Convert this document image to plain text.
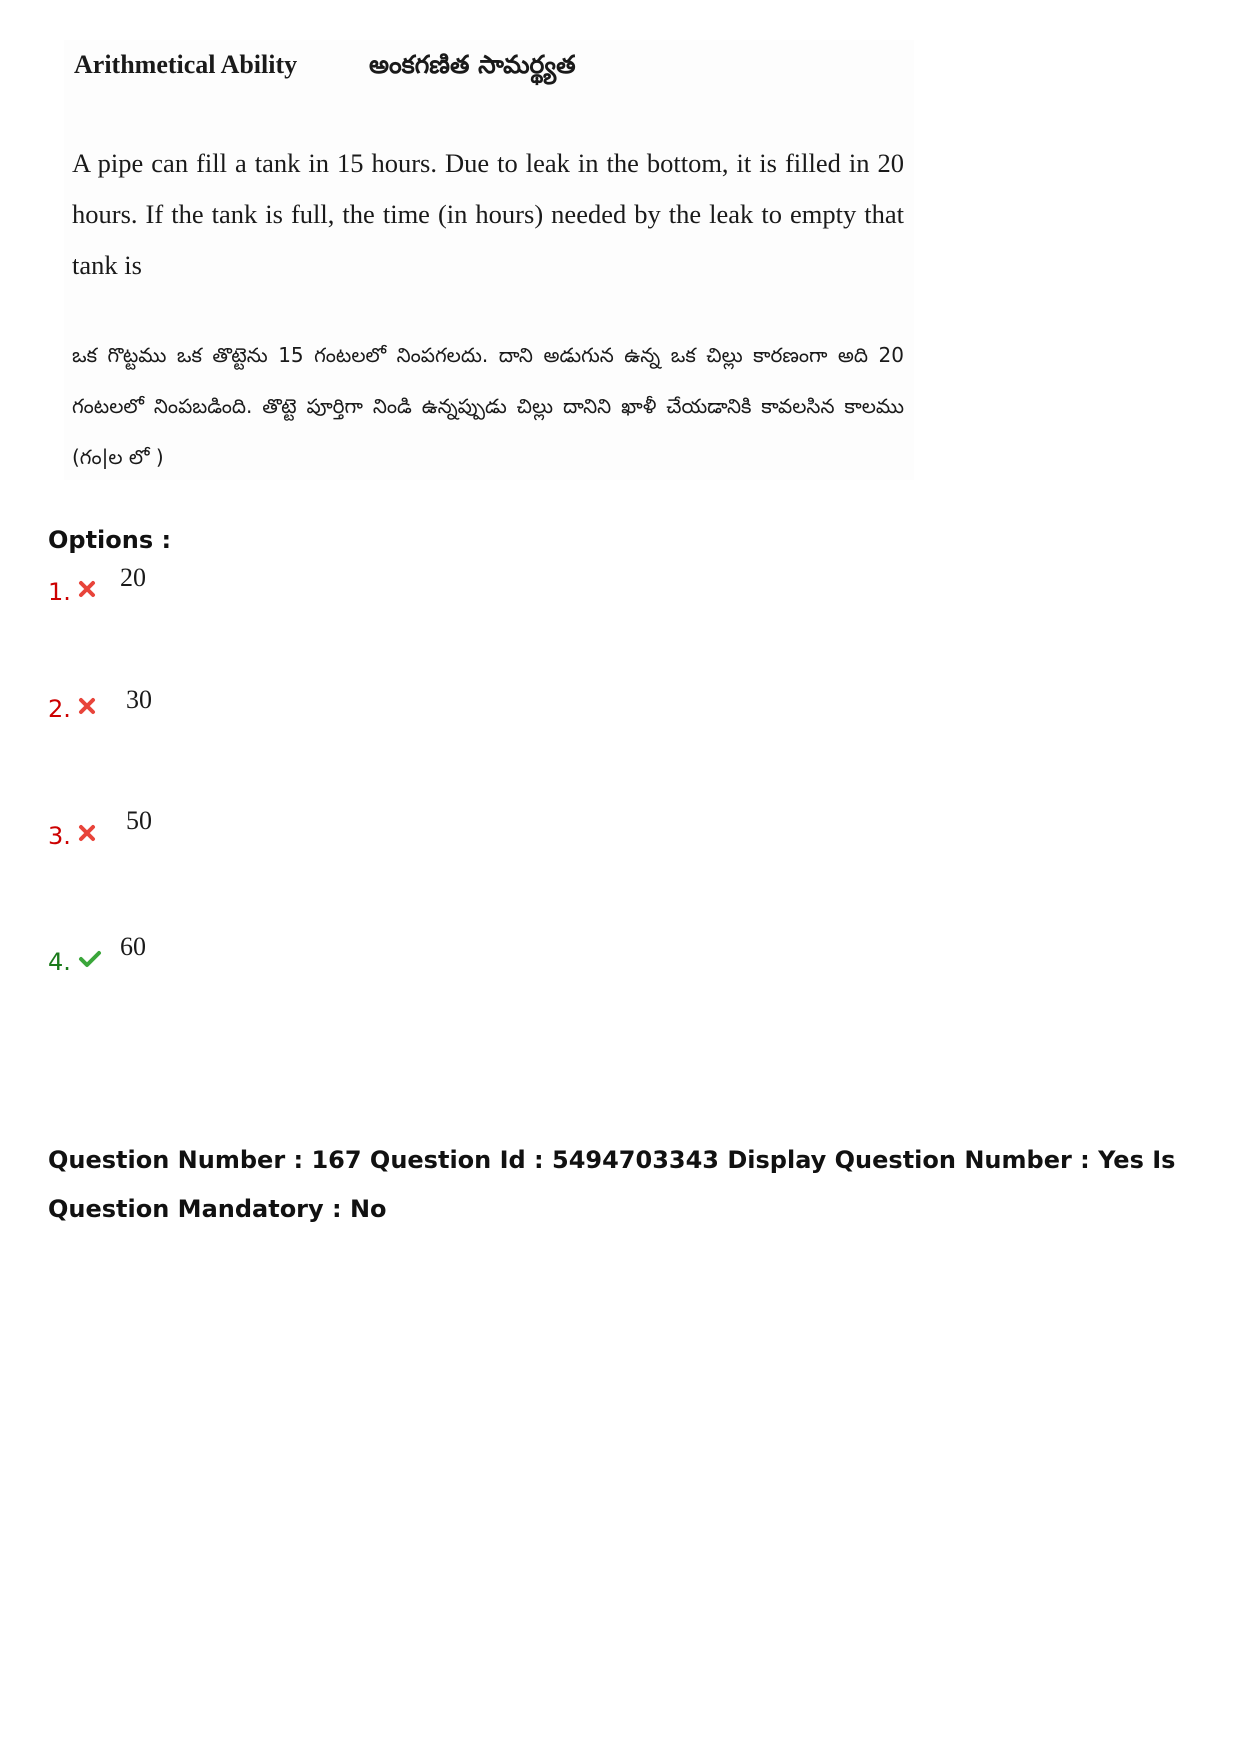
Arithmetical Ability	అంకగణిత సామర్థ్యత
A pipe can fill a tank in 15 hours. Due to leak in the bottom, it is filled in 20 hours. If the tank is full, the time (in hours) needed by the leak to empty that tank is
ఒక గొట్టము ఒక తొట్టెను 15 గంటలలో నింపగలదు. దాని అడుగున ఉన్న ఒక చిల్లు కారణంగా అది 20 గంటలలో నింపబడింది. తొట్టె పూర్తిగా నిండి ఉన్నప్పుడు చిల్లు దానిని ఖాళీ చేయడానికి కావలసిన కాలము (గం|ల లో )
Options :
1. 20
2. 30
3.
50
4.
60
Question Number : 167 Question Id : 5494703343 Display Question Number : Yes Is Question Mandatory : No
